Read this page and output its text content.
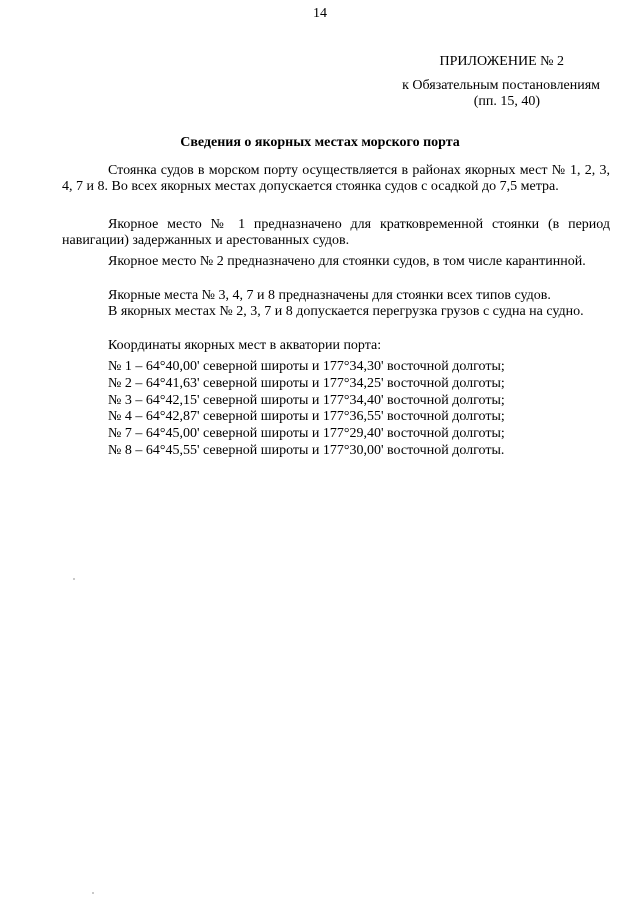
14
ПРИЛОЖЕНИЕ № 2
к Обязательным постановлениям
(пп. 15, 40)
Сведения о якорных местах морского порта

Стоянка судов в морском порту осуществляется в районах якорных мест № 1, 2, 3, 4, 7 и 8. Во всех якорных местах допускается стоянка судов с осадкой до 7,5 метра.

Якорное место № 1 предназначено для кратковременной стоянки (в период навигации) задержанных и арестованных судов.

Якорное место № 2 предназначено для стоянки судов, в том числе карантинной.

Якорные места № 3, 4, 7 и 8 предназначены для стоянки всех типов судов.

В якорных местах № 2, 3, 7 и 8 допускается перегрузка грузов с судна на судно.

Координаты якорных мест в акватории порта:

№ 1 – 64°40,00' северной широты и 177°34,30' восточной долготы;
№ 2 – 64°41,63' северной широты и 177°34,25' восточной долготы;
№ 3 – 64°42,15' северной широты и 177°34,40' восточной долготы;
№ 4 – 64°42,87' северной широты и 177°36,55' восточной долготы;
№ 7 – 64°45,00' северной широты и 177°29,40' восточной долготы;
№ 8 – 64°45,55' северной широты и 177°30,00' восточной долготы.
